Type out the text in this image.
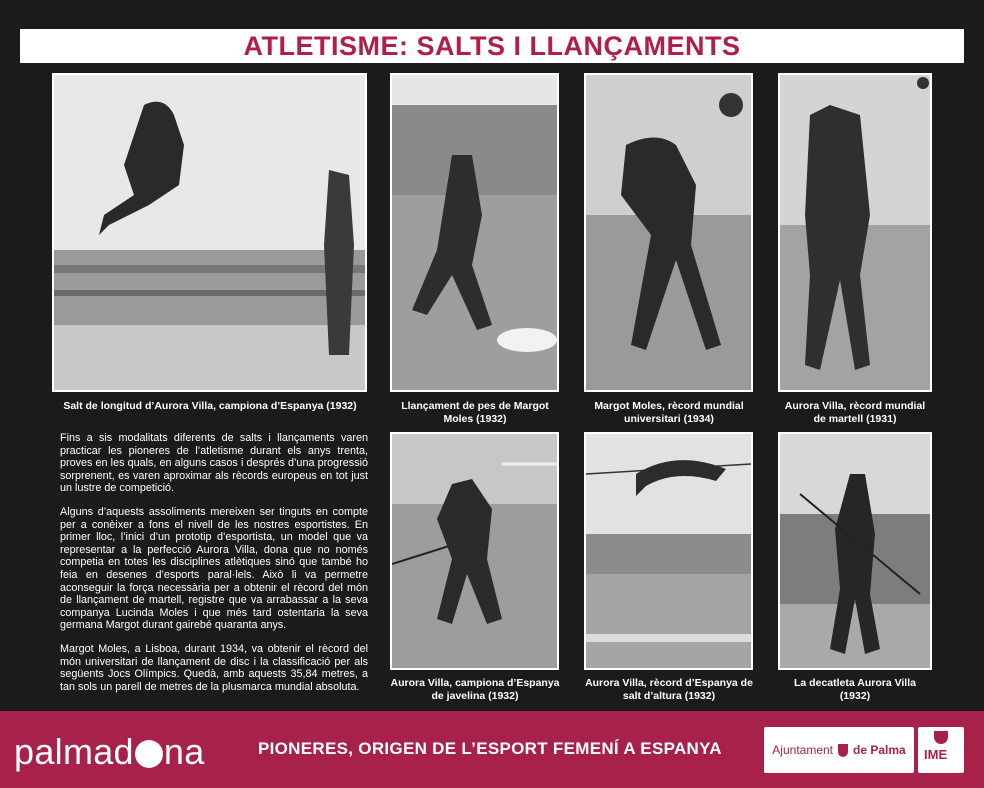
ATLETISME: SALTS I LLANÇAMENTS
Salt de longitud d’Aurora Villa, campiona d’Espanya (1932)	Llançament de pes de Margot Moles (1932)
Margot Moles, rècord mundial universitari (1934)
Aurora Villa, rècord mundial de martell (1931)

Fins a sis modalitats diferents de salts i llançaments varen practicar les pioneres de l’atletisme durant els anys trenta, proves en les quals, en alguns casos i després d’una progressió sorprenent, es varen aproximar als rècords europeus en tot just un lustre de competició.

Alguns d’aquests assoliments mereixen ser tinguts en compte per a conèixer a fons el nivell de les nostres esportistes. En primer lloc, l’inici d’un prototip d’esportista, un model que va representar a la perfecció Aurora Villa, dona que no només competia en totes les disciplines atlètiques sinó que també ho feia en desenes d’esports paral·lels. Això li va permetre aconseguir la força necessària per a obtenir el rècord del món de llançament de martell, registre que va arrabassar a la seva companya Lucinda Moles i que més tard ostentaria la seva germana Margot durant gairebé quaranta anys.

Margot Moles, a Lisboa, durant 1934, va obtenir el rècord del món universitari de llançament de disc i la classificació per als següents Jocs Olímpics. Quedà, amb aquests 35,84 metres, a tan sols un parell de metres de la plusmarca mundial absoluta.	Aurora Villa, campiona d’Espanya de javelina (1932)
Aurora Villa, rècord d’Espanya de salt d’altura (1932)
La decatleta Aurora Villa (1932)
palmad na	PIONERES, ORIGEN DE L’ESPORT FEMENÍ A ESPANYA	Ajuntament de Palma IME
